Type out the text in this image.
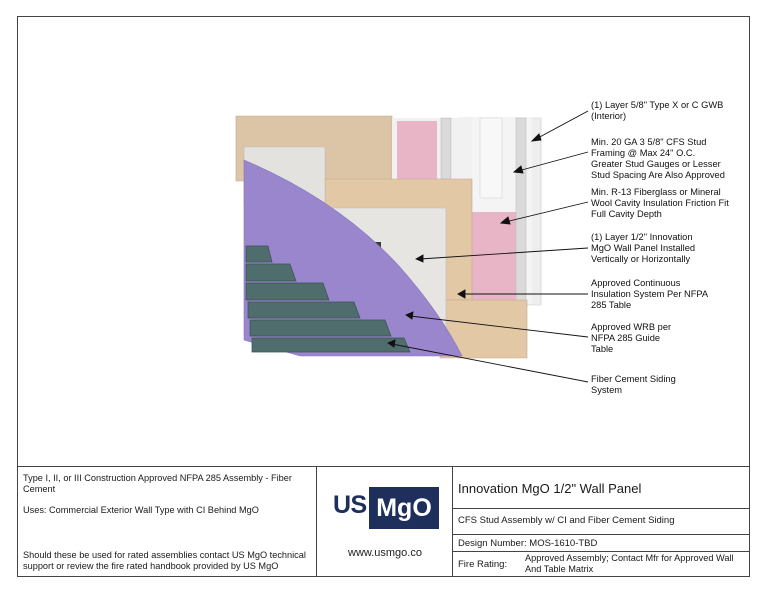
(1) Layer 5/8" Type X or C GWB
(Interior)
Min. 20 GA 3 5/8" CFS Stud
Framing @ Max 24" O.C.
Greater Stud Gauges or Lesser
Stud Spacing Are Also Approved
Min. R-13 Fiberglass or Mineral
Wool Cavity Insulation Friction Fit
Full Cavity Depth
(1) Layer 1/2" Innovation
MgO Wall Panel Installed
Vertically or Horizontally
Approved Continuous
Insulation System Per NFPA
285 Table
Approved WRB per
NFPA 285 Guide
Table
Fiber Cement Siding
System
Type I, II, or III Construction Approved NFPA 285 Assembly - Fiber
Cement
Uses: Commercial Exterior Wall Type with CI Behind MgO
Should these be used for rated assemblies contact US MgO technical
support or review the fire rated handbook provided by US MgO
US MgO
www.usmgo.co
Innovation MgO 1/2" Wall Panel
CFS Stud Assembly w/ CI and Fiber Cement Siding
Design Number: MOS-1610-TBD
Fire Rating:
Approved Assembly; Contact Mfr for Approved Wall
And Table Matrix
